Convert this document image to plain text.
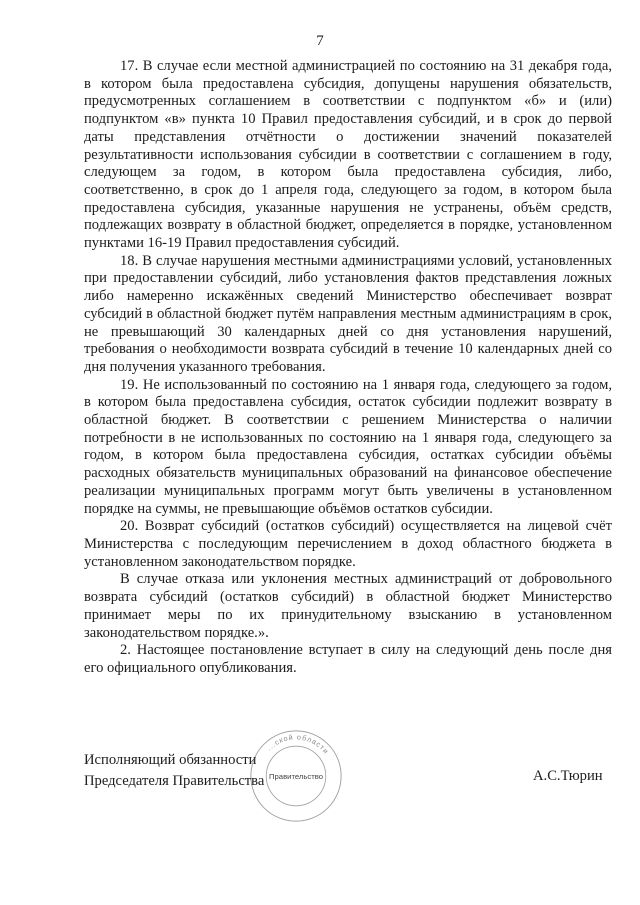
7

17. В случае если местной администрацией по состоянию на 31 декабря года, в котором была предоставлена субсидия, допущены нарушения обязательств, предусмотренных соглашением в соответствии с подпунктом «б» и (или) подпунктом «в» пункта 10 Правил предоставления субсидий, и в срок до первой даты представления отчётности о достижении значений показателей результативности использования субсидии в соответствии с соглашением в году, следующем за годом, в котором была предоставлена субсидия, либо, соответственно, в срок до 1 апреля года, следующего за годом, в котором была предоставлена субсидия, указанные нарушения не устранены, объём средств, подлежащих возврату в областной бюджет, определяется в порядке, установленном пунктами 16-19 Правил предоставления субсидий.

18. В случае нарушения местными администрациями условий, установленных при предоставлении субсидий, либо установления фактов представления ложных либо намеренно искажённых сведений Министерство обеспечивает возврат субсидий в областной бюджет путём направления местным администрациям в срок, не превышающий 30 календарных дней со дня установления нарушений, требования о необходимости возврата субсидий в течение 10 календарных дней со дня получения указанного требования.

19. Не использованный по состоянию на 1 января года, следующего за годом, в котором была предоставлена субсидия, остаток субсидии подлежит возврату в областной бюджет. В соответствии с решением Министерства о наличии потребности в не использованных по состоянию на 1 января года, следующего за годом, в котором была предоставлена субсидия, остатках субсидии объёмы расходных обязательств муниципальных образований на финансовое обеспечение реализации муниципальных программ могут быть увеличены в установленном порядке на суммы, не превышающие объёмов остатков субсидии.

20. Возврат субсидий (остатков субсидий) осуществляется на лицевой счёт Министерства с последующим перечислением в доход областного бюджета в установленном законодательством порядке.

В случае отказа или уклонения местных администраций от добровольного возврата субсидий (остатков субсидий) в областной бюджет Министерство принимает меры по их принудительному взысканию в установленном законодательством порядке.».

2. Настоящее постановление вступает в силу на следующий день после дня его официального опубликования.

Исполняющий обязанности
Председателя Правительства
...ской области
Правительство	А.С.Тюрин
